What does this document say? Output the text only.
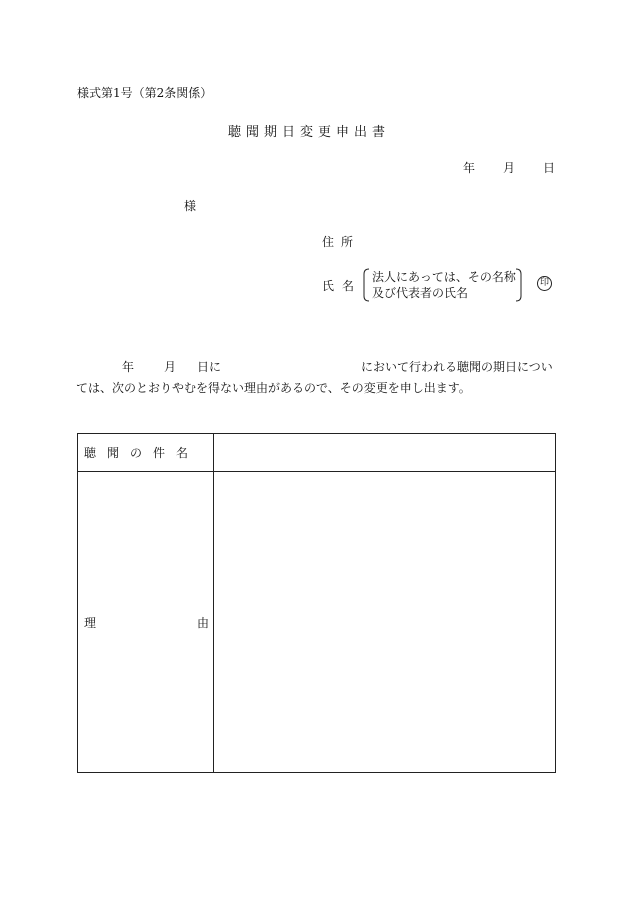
様式第1号（第2条関係）
聴聞期日変更申出書
年 月 日
様
住所
氏名
法人にあっては、その名称
及び代表者の氏名
印
年 月 日に	において行われる聴聞の期日につい
ては、次のとおりやむを得ない理由があるので、その変更を申し出ます。
聴聞の件名
理	由
